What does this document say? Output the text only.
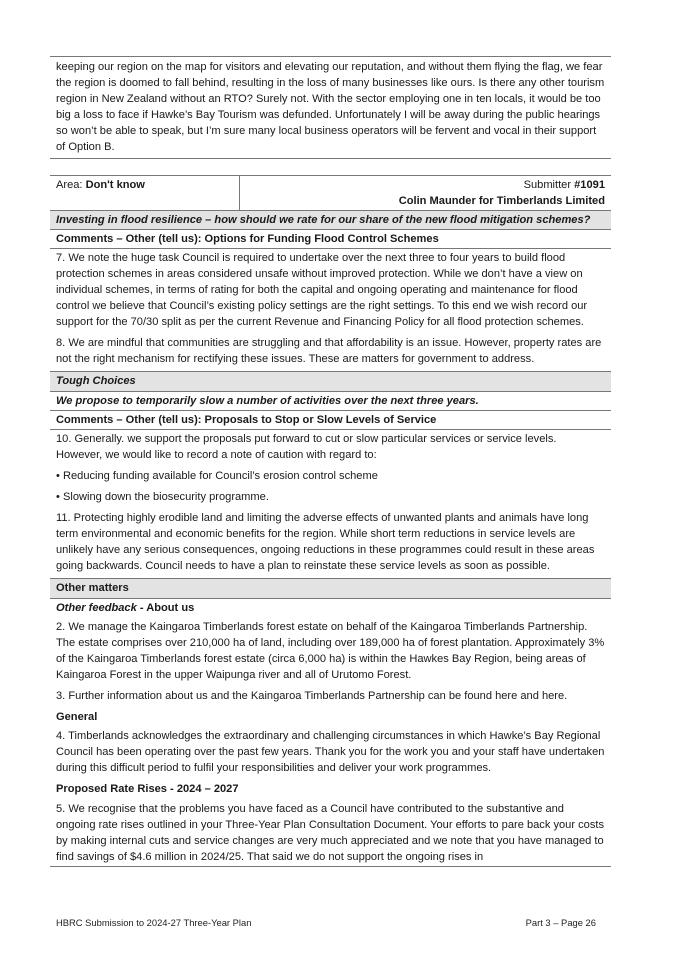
keeping our region on the map for visitors and elevating our reputation, and without them flying the flag, we fear the region is doomed to fall behind, resulting in the loss of many businesses like ours. Is there any other tourism region in New Zealand without an RTO? Surely not. With the sector employing one in ten locals, it would be too big a loss to face if Hawke’s Bay Tourism was defunded. Unfortunately I will be away during the public hearings so won’t be able to speak, but I’m sure many local business operators will be fervent and vocal in their support of Option B.

Area: Don't know	Submitter #1091
Colin Maunder for Timberlands Limited
Investing in flood resilience – how should we rate for our share of the new flood mitigation schemes?
Comments – Other (tell us): Options for Funding Flood Control Schemes

7. We note the huge task Council is required to undertake over the next three to four years to build flood protection schemes in areas considered unsafe without improved protection. While we don’t have a view on individual schemes, in terms of rating for both the capital and ongoing operating and maintenance for flood control we believe that Council’s existing policy settings are the right settings. To this end we wish record our support for the 70/30 split as per the current Revenue and Financing Policy for all flood protection schemes.

8. We are mindful that communities are struggling and that affordability is an issue. However, property rates are not the right mechanism for rectifying these issues. These are matters for government to address.

Tough Choices
We propose to temporarily slow a number of activities over the next three years.
Comments – Other (tell us): Proposals to Stop or Slow Levels of Service

10. Generally. we support the proposals put forward to cut or slow particular services or service levels. However, we would like to record a note of caution with regard to:

• Reducing funding available for Council’s erosion control scheme

• Slowing down the biosecurity programme.

11. Protecting highly erodible land and limiting the adverse effects of unwanted plants and animals have long term environmental and economic benefits for the region. While short term reductions in service levels are unlikely have any serious consequences, ongoing reductions in these programmes could result in these areas going backwards. Council needs to have a plan to reinstate these service levels as soon as possible.

Other matters
Other feedback - About us

2. We manage the Kaingaroa Timberlands forest estate on behalf of the Kaingaroa Timberlands Partnership. The estate comprises over 210,000 ha of land, including over 189,000 ha of forest plantation. Approximately 3% of the Kaingaroa Timberlands forest estate (circa 6,000 ha) is within the Hawkes Bay Region, being areas of Kaingaroa Forest in the upper Waipunga river and all of Urutomo Forest.

3. Further information about us and the Kaingaroa Timberlands Partnership can be found here and here.

General

4. Timberlands acknowledges the extraordinary and challenging circumstances in which Hawke’s Bay Regional Council has been operating over the past few years. Thank you for the work you and your staff have undertaken during this difficult period to fulfil your responsibilities and deliver your work programmes.

Proposed Rate Rises - 2024 – 2027

5. We recognise that the problems you have faced as a Council have contributed to the substantive and ongoing rate rises outlined in your Three-Year Plan Consultation Document. Your efforts to pare back your costs by making internal cuts and service changes are very much appreciated and we note that you have managed to find savings of $4.6 million in 2024/25. That said we do not support the ongoing rises in

HBRC Submission to 2024-27 Three-Year Plan	Part 3 – Page 26
